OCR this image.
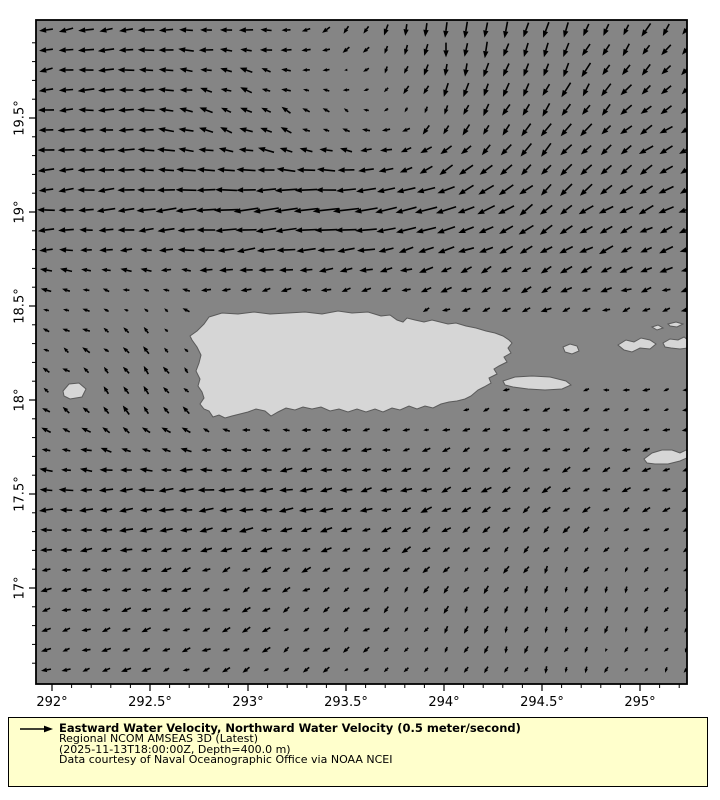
292°	292.5°	293°	293.5°	294°	294.5°	295°
19.5°
19°
18.5°
18°
17.5°
17°
Eastward Water Velocity, Northward Water Velocity (0.5 meter/second)
Regional NCOM AMSEAS 3D (Latest)
(2025-11-13T18:00:00Z, Depth=400.0 m)
Data courtesy of Naval Oceanographic Office via NOAA NCEI
